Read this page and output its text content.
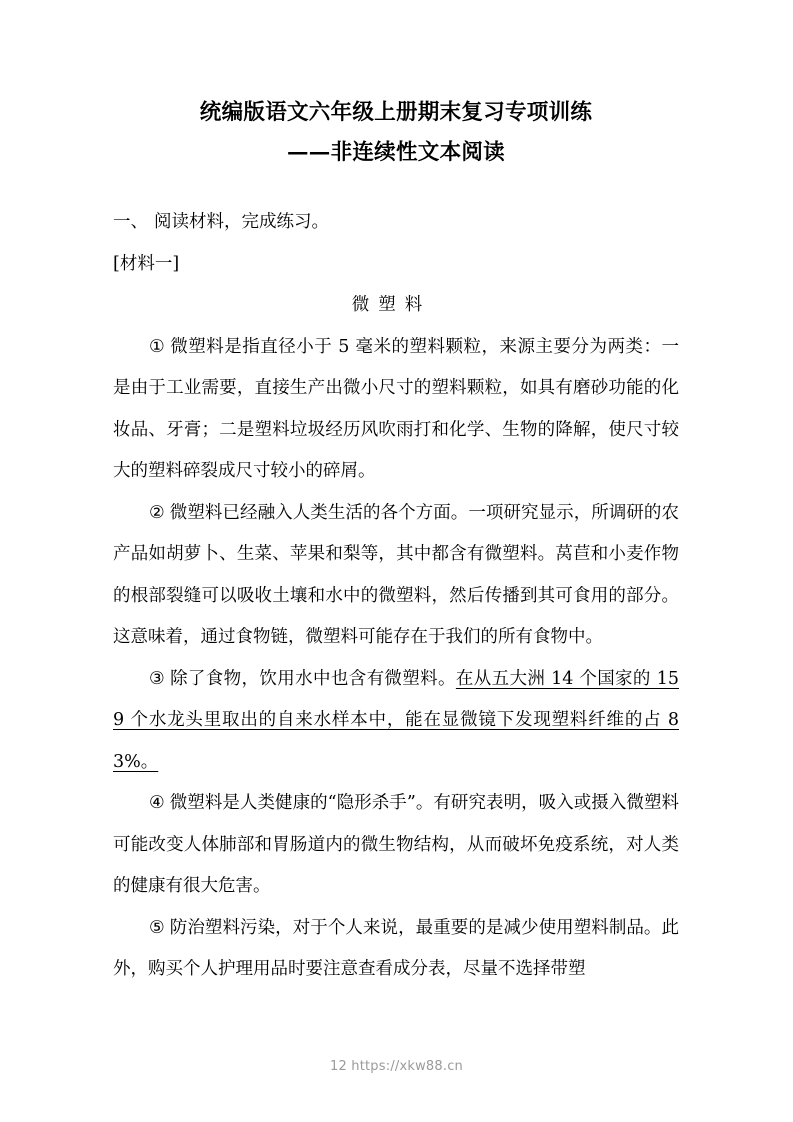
统编版语文六年级上册期末复习专项训练
——非连续性文本阅读

一、 阅读材料，完成练习。

[材料一]

微塑料

① 微塑料是指直径小于 5 毫米的塑料颗粒，来源主要分为两类：一是由于工业需要，直接生产出微小尺寸的塑料颗粒，如具有磨砂功能的化妆品、牙膏；二是塑料垃圾经历风吹雨打和化学、生物的降解，使尺寸较大的塑料碎裂成尺寸较小的碎屑。

② 微塑料已经融入人类生活的各个方面。一项研究显示，所调研的农产品如胡萝卜、生菜、苹果和梨等，其中都含有微塑料。莴苣和小麦作物的根部裂缝可以吸收土壤和水中的微塑料，然后传播到其可食用的部分。这意味着，通过食物链，微塑料可能存在于我们的所有食物中。

③ 除了食物，饮用水中也含有微塑料。在从五大洲 14 个国家的 159 个水龙头里取出的自来水样本中，能在显微镜下发现塑料纤维的占 83%。

④ 微塑料是人类健康的“隐形杀手”。有研究表明，吸入或摄入微塑料可能改变人体肺部和胃肠道内的微生物结构，从而破坏免疫系统，对人类的健康有很大危害。

⑤ 防治塑料污染，对于个人来说，最重要的是减少使用塑料制品。此外，购买个人护理用品时要注意查看成分表，尽量不选择带塑

12 https://xkw88.cn
